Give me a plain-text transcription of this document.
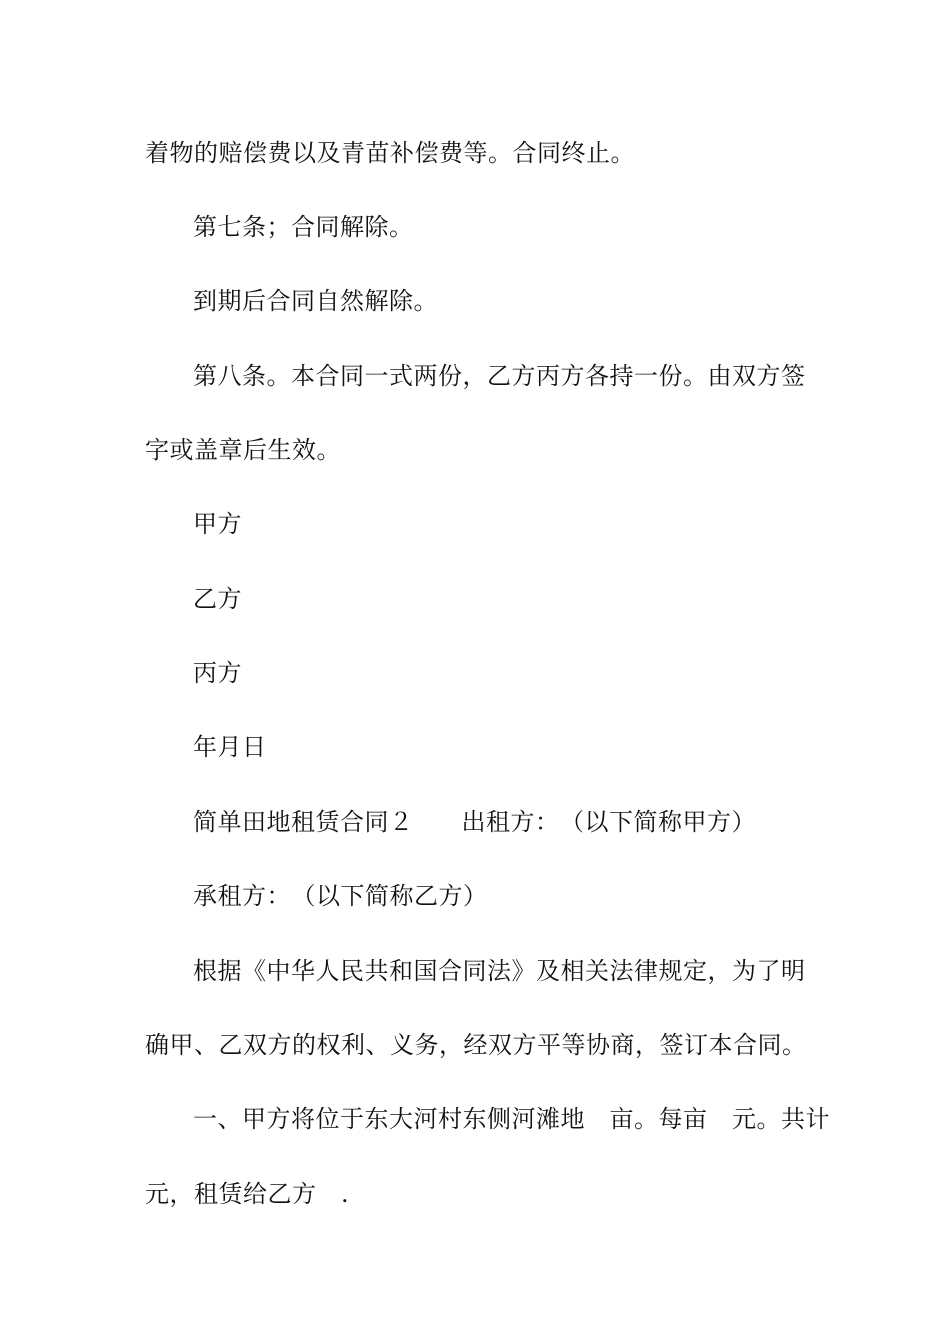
着物的赔偿费以及青苗补偿费等。合同终止。
第七条；合同解除。
到期后合同自然解除。
第八条。本合同一式两份，乙方丙方各持一份。由双方签
字或盖章后生效。
甲方
乙方
丙方
年月日
简单田地租赁合同２ 出租方：　（以下简称甲方）
承租方：　（以下简称乙方）
根据《中华人民共和国合同法》及相关法律规定，为了明
确甲、乙双方的权利、义务，经双方平等协商，签订本合同。
一、甲方将位于东大河村东侧河滩地　亩。每亩　元。共计
元，租赁给乙方　.
